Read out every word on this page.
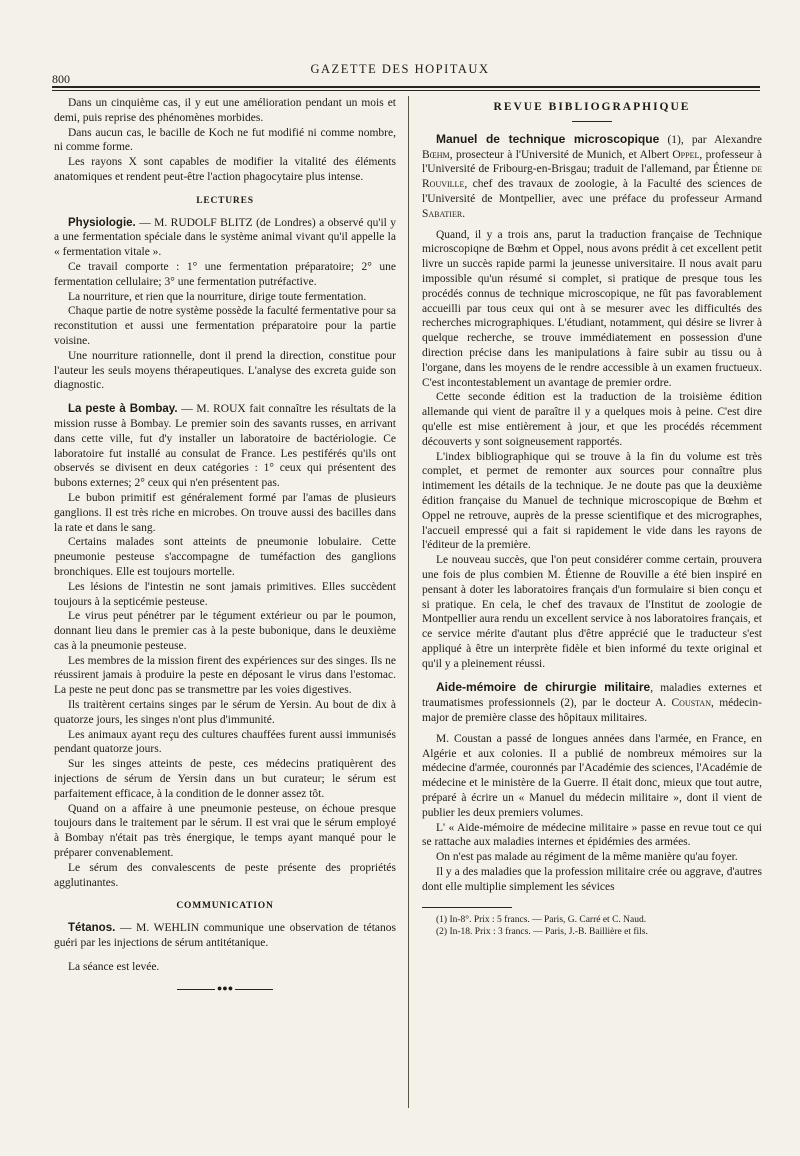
800
GAZETTE DES HOPITAUX

Dans un cinquième cas, il y eut une amélioration pendant un mois et demi, puis reprise des phénomènes morbides.

Dans aucun cas, le bacille de Koch ne fut modifié ni comme nombre, ni comme forme.

Les rayons X sont capables de modifier la vitalité des éléments anatomiques et rendent peut-être l'action phagocytaire plus intense.

LECTURES

Physiologie. — M. RUDOLF BLITZ (de Londres) a observé qu'il y a une fermentation spéciale dans le système animal vivant qu'il appelle la « fermentation vitale ».

Ce travail comporte : 1° une fermentation préparatoire; 2° une fermentation cellulaire; 3° une fermentation putréfactive.

La nourriture, et rien que la nourriture, dirige toute fermentation.

Chaque partie de notre système possède la faculté fermentative pour sa reconstitution et aussi une fermentation préparatoire pour la partie voisine.

Une nourriture rationnelle, dont il prend la direction, constitue pour l'auteur les seuls moyens thérapeutiques. L'analyse des excreta guide son diagnostic.

La peste à Bombay. — M. ROUX fait connaître les résultats de la mission russe à Bombay. Le premier soin des savants russes, en arrivant dans cette ville, fut d'y installer un laboratoire de bactériologie. Ce laboratoire fut installé au consulat de France. Les pestiférés qu'ils ont observés se divisent en deux catégories : 1° ceux qui présentent des bubons externes; 2° ceux qui n'en présentent pas.

Le bubon primitif est généralement formé par l'amas de plusieurs ganglions. Il est très riche en microbes. On trouve aussi des bacilles dans la rate et dans le sang.

Certains malades sont atteints de pneumonie lobulaire. Cette pneumonie pesteuse s'accompagne de tuméfaction des ganglions bronchiques. Elle est toujours mortelle.

Les lésions de l'intestin ne sont jamais primitives. Elles succèdent toujours à la septicémie pesteuse.

Le virus peut pénétrer par le tégument extérieur ou par le poumon, donnant lieu dans le premier cas à la peste bubonique, dans le deuxième cas à la pneumonie pesteuse.

Les membres de la mission firent des expériences sur des singes. Ils ne réussirent jamais à produire la peste en déposant le virus dans l'estomac. La peste ne peut donc pas se transmettre par les voies digestives.

Ils traitèrent certains singes par le sérum de Yersin. Au bout de dix à quatorze jours, les singes n'ont plus d'immunité.

Les animaux ayant reçu des cultures chauffées furent aussi immunisés pendant quatorze jours.

Sur les singes atteints de peste, ces médecins pratiquèrent des injections de sérum de Yersin dans un but curateur; le sérum est parfaitement efficace, à la condition de le donner assez tôt.

Quand on a affaire à une pneumonie pesteuse, on échoue presque toujours dans le traitement par le sérum. Il est vrai que le sérum employé à Bombay n'était pas très énergique, le temps ayant manqué pour le préparer convenablement.

Le sérum des convalescents de peste présente des propriétés agglutinantes.

COMMUNICATION

Tétanos. — M. WEHLIN communique une observation de tétanos guéri par les injections de sérum antitétanique.

La séance est levée.

●●●
REVUE BIBLIOGRAPHIQUE

Manuel de technique microscopique (1), par Alexandre Bœhm, prosecteur à l'Université de Munich, et Albert Oppel, professeur à l'Université de Fribourg-en-Brisgau; traduit de l'allemand, par Étienne de Rouville, chef des travaux de zoologie, à la Faculté des sciences de l'Université de Montpellier, avec une préface du professeur Armand Sabatier.

Quand, il y a trois ans, parut la traduction française de Technique microscopiqne de Bœhm et Oppel, nous avons prédit à cet excellent petit livre un succès rapide parmi la jeunesse universitaire. Il nous avait paru impossible qu'un résumé si complet, si pratique de presque tous les procédés connus de technique microscopique, ne fût pas favorablement accueilli par tous ceux qui ont à se mesurer avec les difficultés des recherches micrographiques. L'étudiant, notamment, qui désire se livrer à quelque recherche, se trouve immédiatement en possession d'une direction précise dans les manipulations à faire subir au tissu ou à l'organe, dans les moyens de le rendre accessible à un examen fructueux. C'est incontestablement un avantage de premier ordre.

Cette seconde édition est la traduction de la troisième édition allemande qui vient de paraître il y a quelques mois à peine. C'est dire qu'elle est mise entièrement à jour, et que les procédés récemment découverts y sont soigneusement rapportés.

L'index bibliographique qui se trouve à la fin du volume est très complet, et permet de remonter aux sources pour connaître plus intimement les détails de la technique. Je ne doute pas que la deuxième édition française du Manuel de technique microscopique de Bœhm et Oppel ne retrouve, auprès de la presse scientifique et des micrographes, l'accueil empressé qui a fait si rapidement le vide dans les rayons de l'éditeur de la première.

Le nouveau succès, que l'on peut considérer comme certain, prouvera une fois de plus combien M. Étienne de Rouville a été bien inspiré en pensant à doter les laboratoires français d'un formulaire si bien conçu et si pratique. En cela, le chef des travaux de l'Institut de zoologie de Montpellier aura rendu un excellent service à nos laboratoires français, et ce service mérite d'autant plus d'être apprécié que le traducteur s'est appliqué à être un interprète fidèle et bien informé du texte original et qu'il y a pleinement réussi.

Aide-mémoire de chirurgie militaire, maladies externes et traumatismes professionnels (2), par le docteur A. Coustan, médecin-major de première classe des hôpitaux militaires.

M. Coustan a passé de longues années dans l'armée, en France, en Algérie et aux colonies. Il a publié de nombreux mémoires sur la médecine d'armée, couronnés par l'Académie des sciences, l'Académie de médecine et le ministère de la Guerre. Il était donc, mieux que tout autre, préparé à écrire un « Manuel du médecin militaire », dont il vient de publier les deux premiers volumes.

L' « Aide-mémoire de médecine militaire » passe en revue tout ce qui se rattache aux maladies internes et épidémies des armées.

On n'est pas malade au régiment de la même manière qu'au foyer.

Il y a des maladies que la profession militaire crée ou aggrave, d'autres dont elle multiplie simplement les sévices

(1) In-8°. Prix : 5 francs. — Paris, G. Carré et C. Naud.

(2) In-18. Prix : 3 francs. — Paris, J.-B. Baillière et fils.
